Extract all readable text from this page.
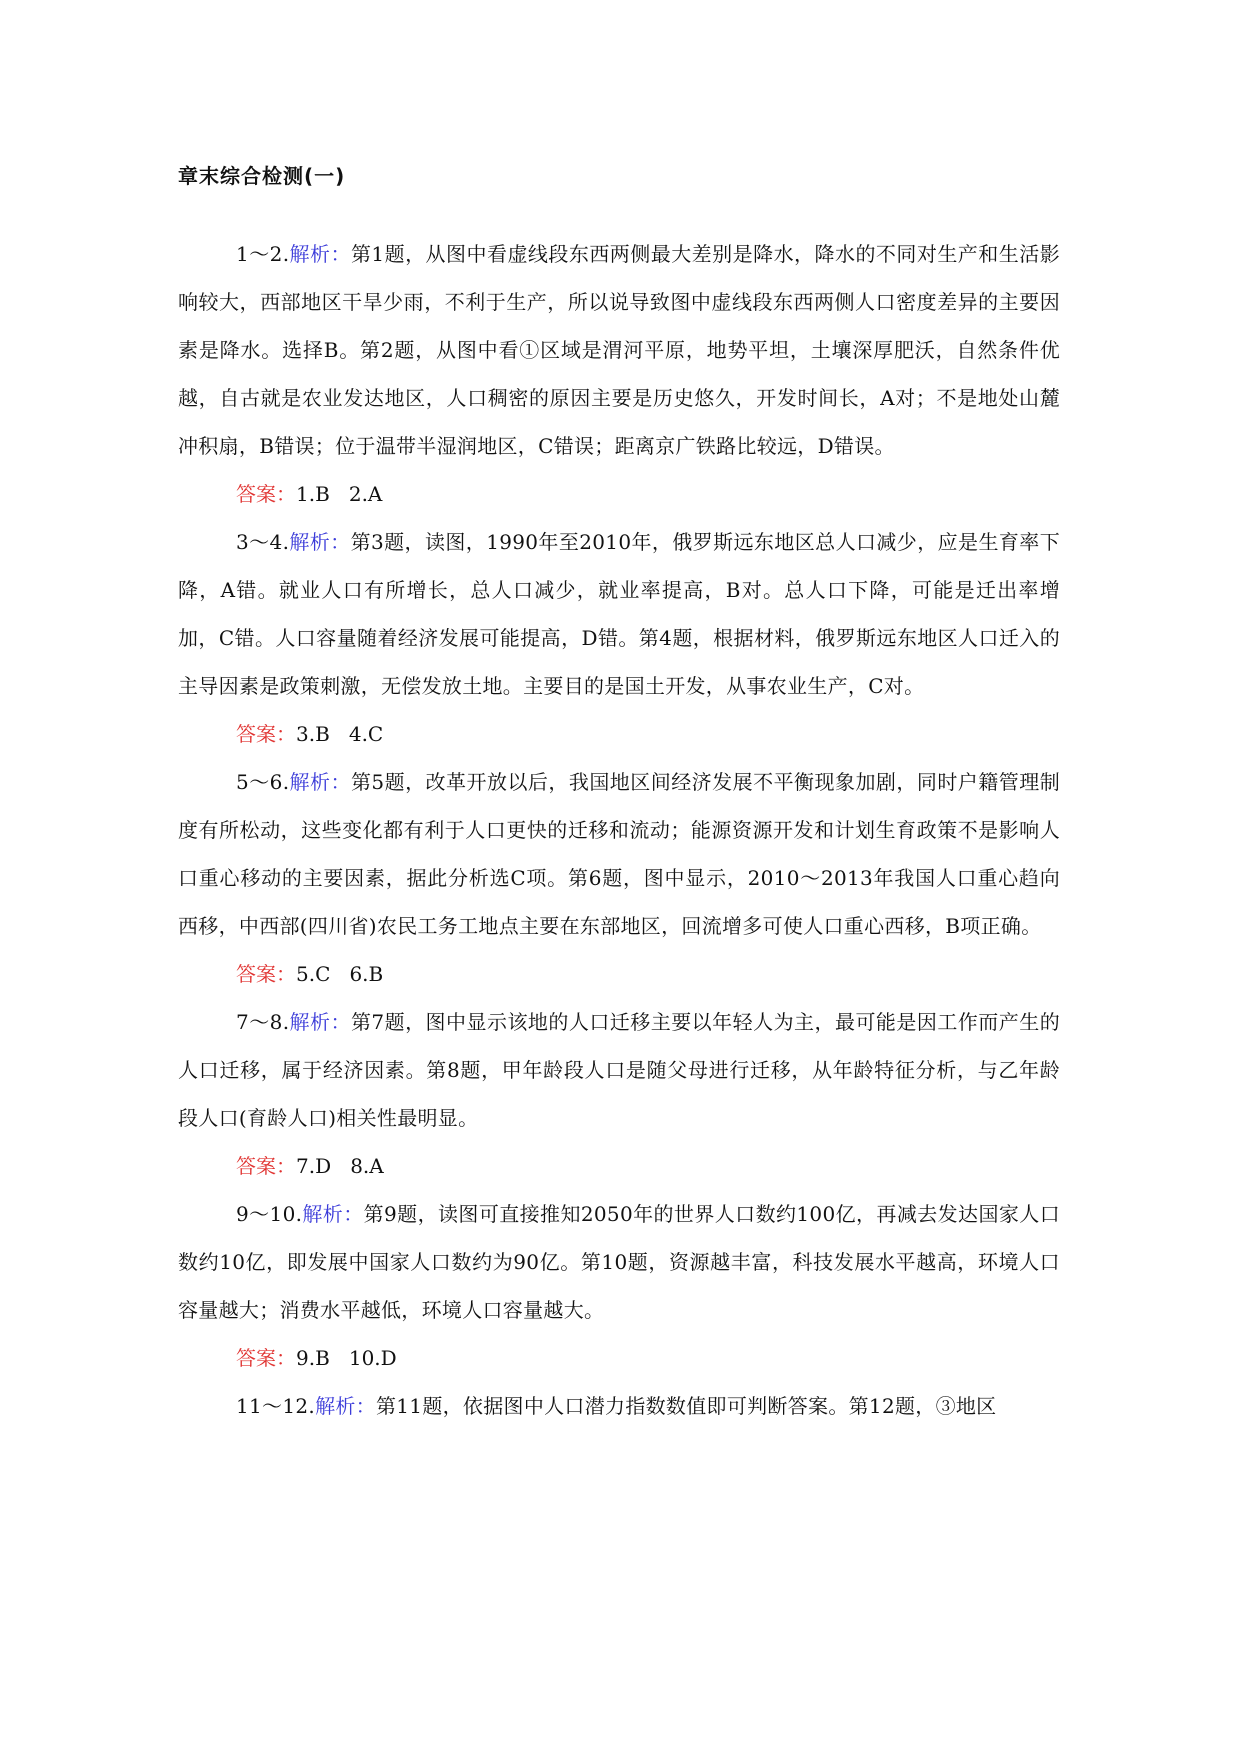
章末综合检测(一)

1～2.解析：第1题，从图中看虚线段东西两侧最大差别是降水，降水的不同对生产和生活影响较大，西部地区干旱少雨，不利于生产，所以说导致图中虚线段东西两侧人口密度差异的主要因素是降水。选择B。第2题，从图中看①区域是渭河平原，地势平坦，土壤深厚肥沃，自然条件优越，自古就是农业发达地区，人口稠密的原因主要是历史悠久，开发时间长，A对；不是地处山麓冲积扇，B错误；位于温带半湿润地区，C错误；距离京广铁路比较远，D错误。

答案：1.B   2.A

3～4.解析：第3题，读图，1990年至2010年，俄罗斯远东地区总人口减少，应是生育率下降，A错。就业人口有所增长，总人口减少，就业率提高，B对。总人口下降，可能是迁出率增加，C错。人口容量随着经济发展可能提高，D错。第4题，根据材料，俄罗斯远东地区人口迁入的主导因素是政策刺激，无偿发放土地。主要目的是国土开发，从事农业生产，C对。

答案：3.B   4.C

5～6.解析：第5题，改革开放以后，我国地区间经济发展不平衡现象加剧，同时户籍管理制度有所松动，这些变化都有利于人口更快的迁移和流动；能源资源开发和计划生育政策不是影响人口重心移动的主要因素，据此分析选C项。第6题，图中显示，2010～2013年我国人口重心趋向西移，中西部(四川省)农民工务工地点主要在东部地区，回流增多可使人口重心西移，B项正确。

答案：5.C   6.B

7～8.解析：第7题，图中显示该地的人口迁移主要以年轻人为主，最可能是因工作而产生的人口迁移，属于经济因素。第8题，甲年龄段人口是随父母进行迁移，从年龄特征分析，与乙年龄段人口(育龄人口)相关性最明显。

答案：7.D   8.A

9～10.解析：第9题，读图可直接推知2050年的世界人口数约100亿，再减去发达国家人口数约10亿，即发展中国家人口数约为90亿。第10题，资源越丰富，科技发展水平越高，环境人口容量越大；消费水平越低，环境人口容量越大。

答案：9.B   10.D

11～12.解析：第11题，依据图中人口潜力指数数值即可判断答案。第12题，③地区
